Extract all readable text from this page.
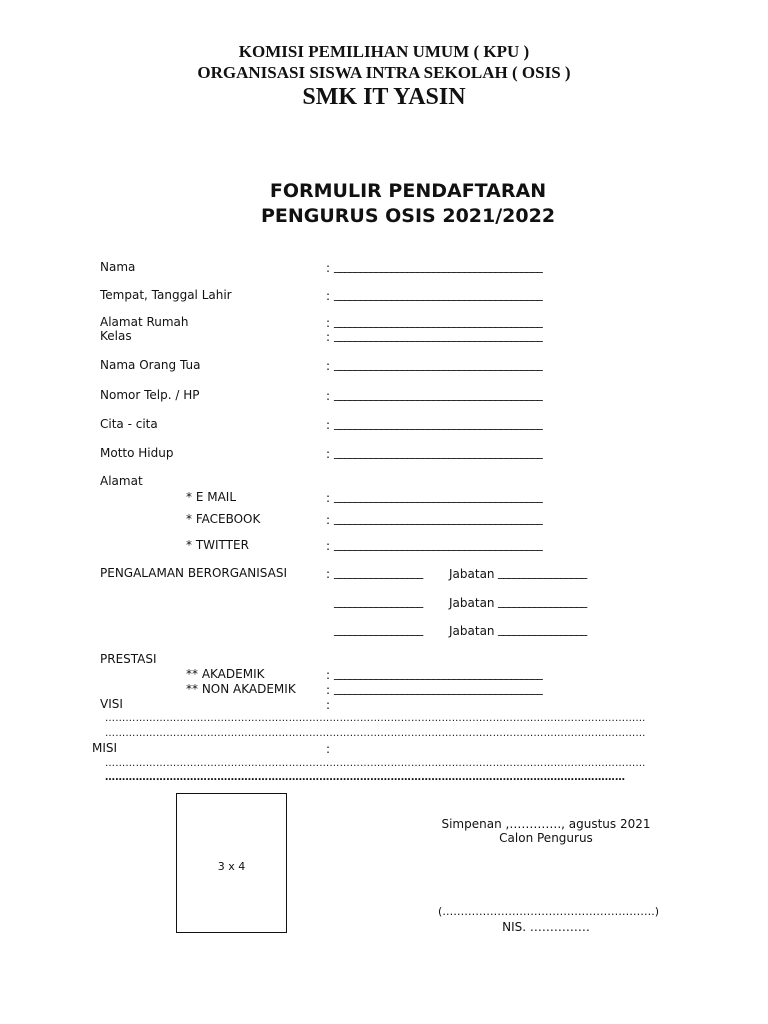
KOMISI PEMILIHAN UMUM ( KPU )
ORGANISASI SISWA INTRA SEKOLAH ( OSIS )
SMK IT YASIN
FORMULIR PENDAFTARAN
PENGURUS OSIS 2021/2022
Nama	: ________________________________________
Tempat, Tanggal Lahir	: ________________________________________
Alamat Rumah	: ________________________________________
Kelas	: ________________________________________
Nama Orang Tua	: ________________________________________
Nomor Telp. / HP	: ________________________________________
Cita - cita	: ________________________________________
Motto Hidup	: ________________________________________
Alamat
* E MAIL	: ________________________________________
* FACEBOOK	: ________________________________________
* TWITTER	: ________________________________________
PENGALAMAN BERORGANISASI	: _________________ Jabatan _________________
_________________ Jabatan _________________
_________________ Jabatan _________________
PRESTASI
** AKADEMIK	: ________________________________________
** NON AKADEMIK	: ________________________________________
VISI	:
……………………………………………………………………………………………………………………………………………
……………………………………………………………………………………………………………………………………………
MISI	:
……………………………………………………………………………………………………………………………………………
………………………………………………………………………………………………………………………………………
3 x 4
Simpenan ,…………., agustus 2021
Calon Pengurus
(………………………………………………….)
NIS. ……………
